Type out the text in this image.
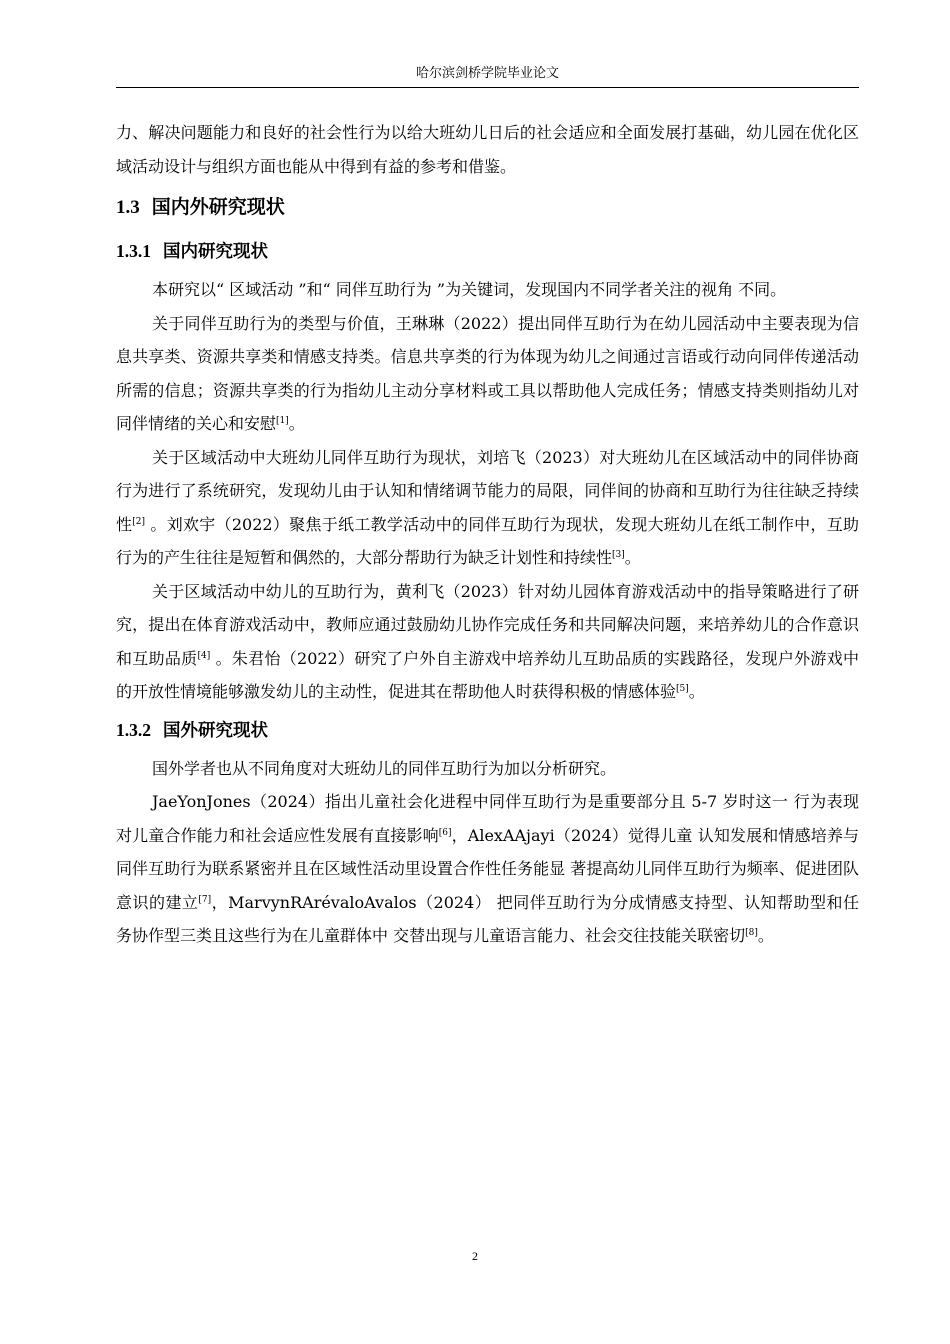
哈尔滨剑桥学院毕业论文

力、解决问题能力和良好的社会性行为以给大班幼儿日后的社会适应和全面发展打基础，幼儿园在优化区域活动设计与组织方面也能从中得到有益的参考和借鉴。

1.3 国内外研究现状
1.3.1 国内研究现状

本研究以“ 区域活动 ”和“ 同伴互助行为 ”为关键词，发现国内不同学者关注的视角 不同。

关于同伴互助行为的类型与价值，王琳琳（2022）提出同伴互助行为在幼儿园活动中主要表现为信息共享类、资源共享类和情感支持类。信息共享类的行为体现为幼儿之间通过言语或行动向同伴传递活动所需的信息；资源共享类的行为指幼儿主动分享材料或工具以帮助他人完成任务；情感支持类则指幼儿对同伴情绪的关心和安慰[1]。

关于区域活动中大班幼儿同伴互助行为现状，刘培飞（2023）对大班幼儿在区域活动中的同伴协商行为进行了系统研究，发现幼儿由于认知和情绪调节能力的局限，同伴间的协商和互助行为往往缺乏持续性[2] 。刘欢宇（2022）聚焦于纸工教学活动中的同伴互助行为现状，发现大班幼儿在纸工制作中，互助行为的产生往往是短暂和偶然的，大部分帮助行为缺乏计划性和持续性[3]。

关于区域活动中幼儿的互助行为，黄利飞（2023）针对幼儿园体育游戏活动中的指导策略进行了研究，提出在体育游戏活动中，教师应通过鼓励幼儿协作完成任务和共同解决问题，来培养幼儿的合作意识和互助品质[4] 。朱君怡（2022）研究了户外自主游戏中培养幼儿互助品质的实践路径，发现户外游戏中的开放性情境能够激发幼儿的主动性，促进其在帮助他人时获得积极的情感体验[5]。

1.3.2 国外研究现状

国外学者也从不同角度对大班幼儿的同伴互助行为加以分析研究。

JaeYonJones（2024）指出儿童社会化进程中同伴互助行为是重要部分且 5-7 岁时这一 行为表现对儿童合作能力和社会适应性发展有直接影响[6]，AlexAAjayi（2024）觉得儿童 认知发展和情感培养与同伴互助行为联系紧密并且在区域性活动里设置合作性任务能显 著提高幼儿同伴互助行为频率、促进团队意识的建立[7]，MarvynRArévaloAvalos（2024） 把同伴互助行为分成情感支持型、认知帮助型和任务协作型三类且这些行为在儿童群体中 交替出现与儿童语言能力、社会交往技能关联密切[8]。

2
